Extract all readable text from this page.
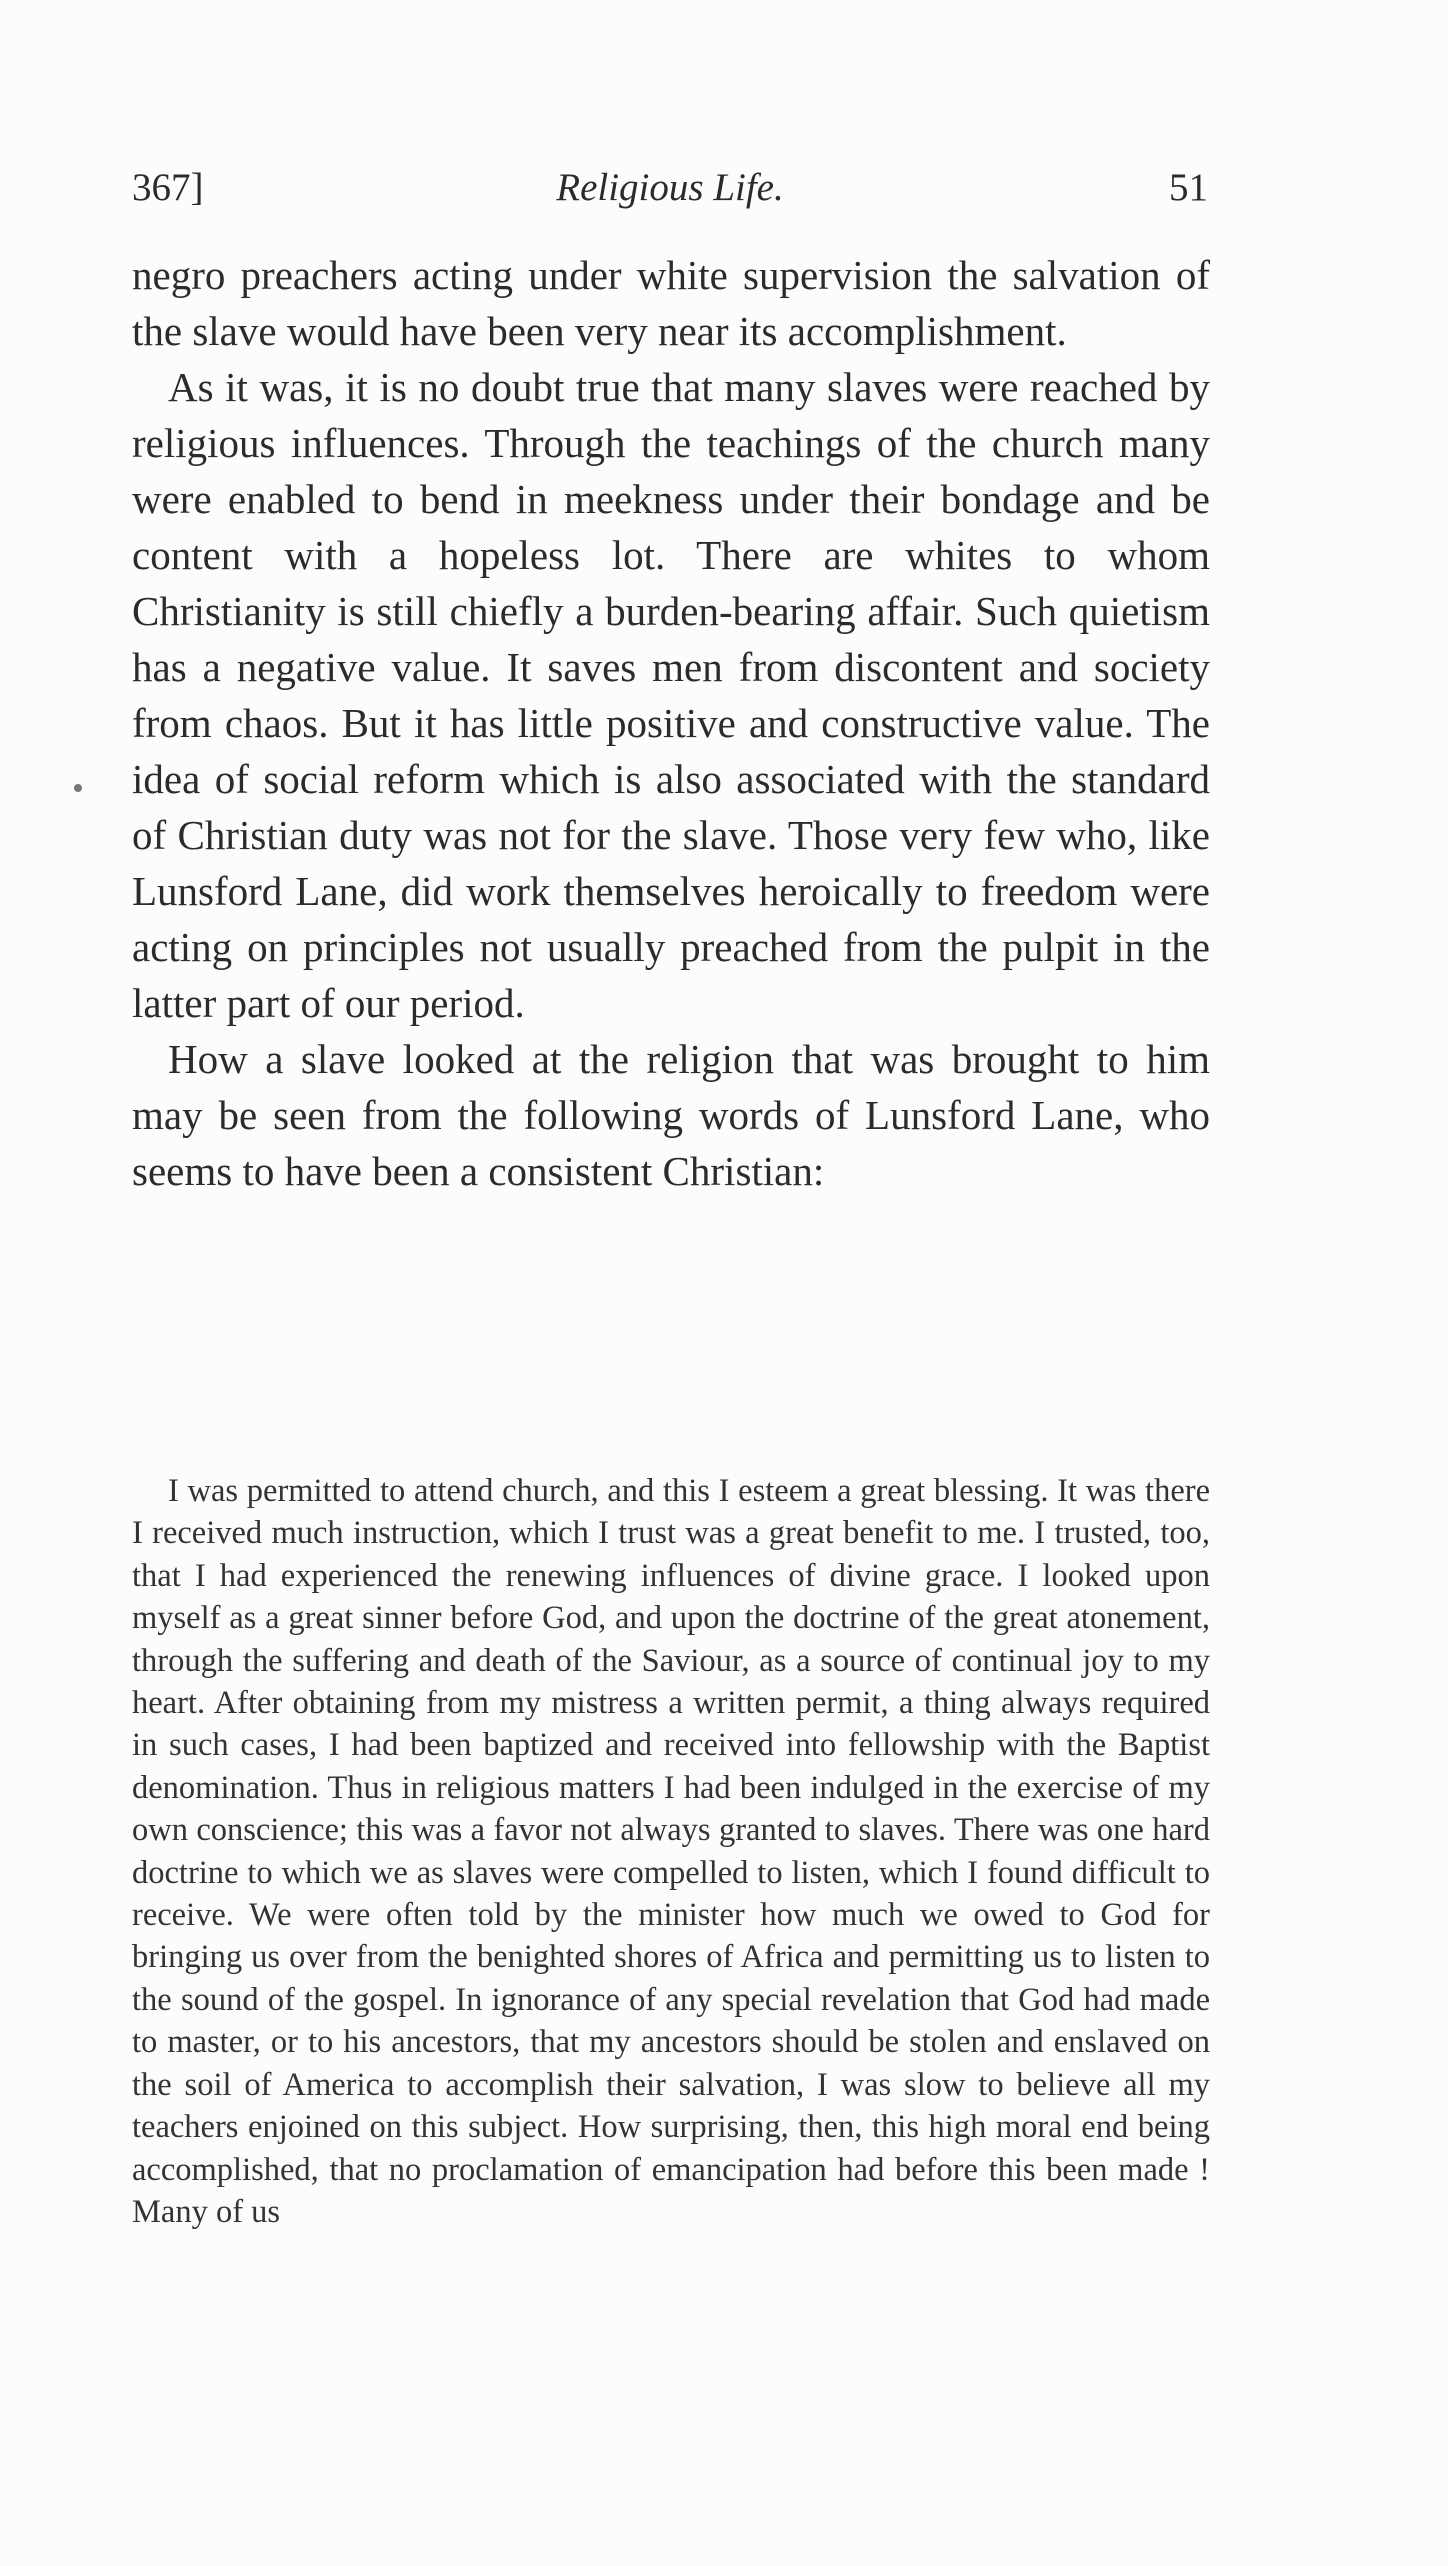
367]	Religious Life.	51

negro preachers acting under white supervision the salvation of the slave would have been very near its accomplishment.

As it was, it is no doubt true that many slaves were reached by religious influences. Through the teachings of the church many were enabled to bend in meekness under their bondage and be content with a hopeless lot. There are whites to whom Christianity is still chiefly a burden-bearing affair. Such quietism has a negative value. It saves men from discontent and society from chaos. But it has little positive and constructive value. The idea of social reform which is also associated with the standard of Christian duty was not for the slave. Those very few who, like Lunsford Lane, did work themselves heroically to freedom were acting on principles not usually preached from the pulpit in the latter part of our period.

How a slave looked at the religion that was brought to him may be seen from the following words of Lunsford Lane, who seems to have been a consistent Christian:

I was permitted to attend church, and this I esteem a great blessing. It was there I received much instruction, which I trust was a great benefit to me. I trusted, too, that I had experienced the renewing influences of divine grace. I looked upon myself as a great sinner before God, and upon the doctrine of the great atonement, through the suffering and death of the Saviour, as a source of continual joy to my heart. After obtaining from my mistress a written permit, a thing always required in such cases, I had been baptized and received into fellowship with the Baptist denomination. Thus in religious matters I had been indulged in the exercise of my own conscience; this was a favor not always granted to slaves. There was one hard doctrine to which we as slaves were compelled to listen, which I found difficult to receive. We were often told by the minister how much we owed to God for bringing us over from the benighted shores of Africa and permitting us to listen to the sound of the gospel. In ignorance of any special revelation that God had made to master, or to his ancestors, that my ancestors should be stolen and enslaved on the soil of America to accomplish their salvation, I was slow to believe all my teachers enjoined on this subject. How surprising, then, this high moral end being accomplished, that no proclamation of emancipation had before this been made ! Many of us
